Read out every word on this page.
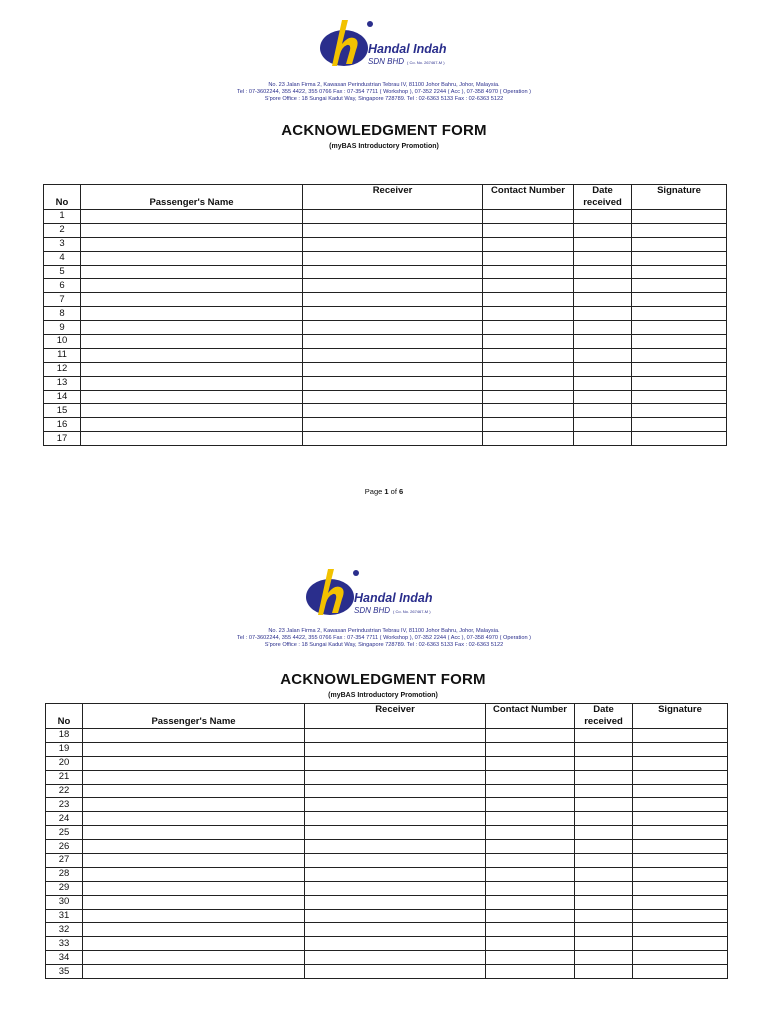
Handal Indah
SDN BHD ( Co. No. 267467-M )
No. 23 Jalan Firma 2, Kawasan Perindustrian Tebrau IV, 81100 Johor Bahru, Johor, Malaysia.
Tel : 07-3602244, 355 4422, 355 0766 Fax : 07-354 7711 ( Workshop ), 07-352 2244 ( Acc ), 07-358 4970 ( Operation )
S'pore Office : 18 Sungai Kadut Way, Singapore 728789. Tel : 02-6363 5133 Fax : 02-6363 5122
ACKNOWLEDGMENT FORM
(myBAS Introductory Promotion)
No	Passenger's Name	Receiver	Contact Number	Date received	Signature
1					
2					
3					
4					
5					
6					
7					
8					
9					
10					
11					
12					
13					
14					
15					
16					
17					
Page 1 of 6
Handal Indah
SDN BHD ( Co. No. 267467-M )
No. 23 Jalan Firma 2, Kawasan Perindustrian Tebrau IV, 81100 Johor Bahru, Johor, Malaysia.
Tel : 07-3602244, 355 4422, 355 0766 Fax : 07-354 7711 ( Workshop ), 07-352 2244 ( Acc ), 07-358 4970 ( Operation )
S'pore Office : 18 Sungai Kadut Way, Singapore 728789. Tel : 02-6363 5133 Fax : 02-6363 5122
ACKNOWLEDGMENT FORM
(myBAS Introductory Promotion)
No	Passenger's Name	Receiver	Contact Number	Date received	Signature
18					
19					
20					
21					
22					
23					
24					
25					
26					
27					
28					
29					
30					
31					
32					
33					
34					
35					
